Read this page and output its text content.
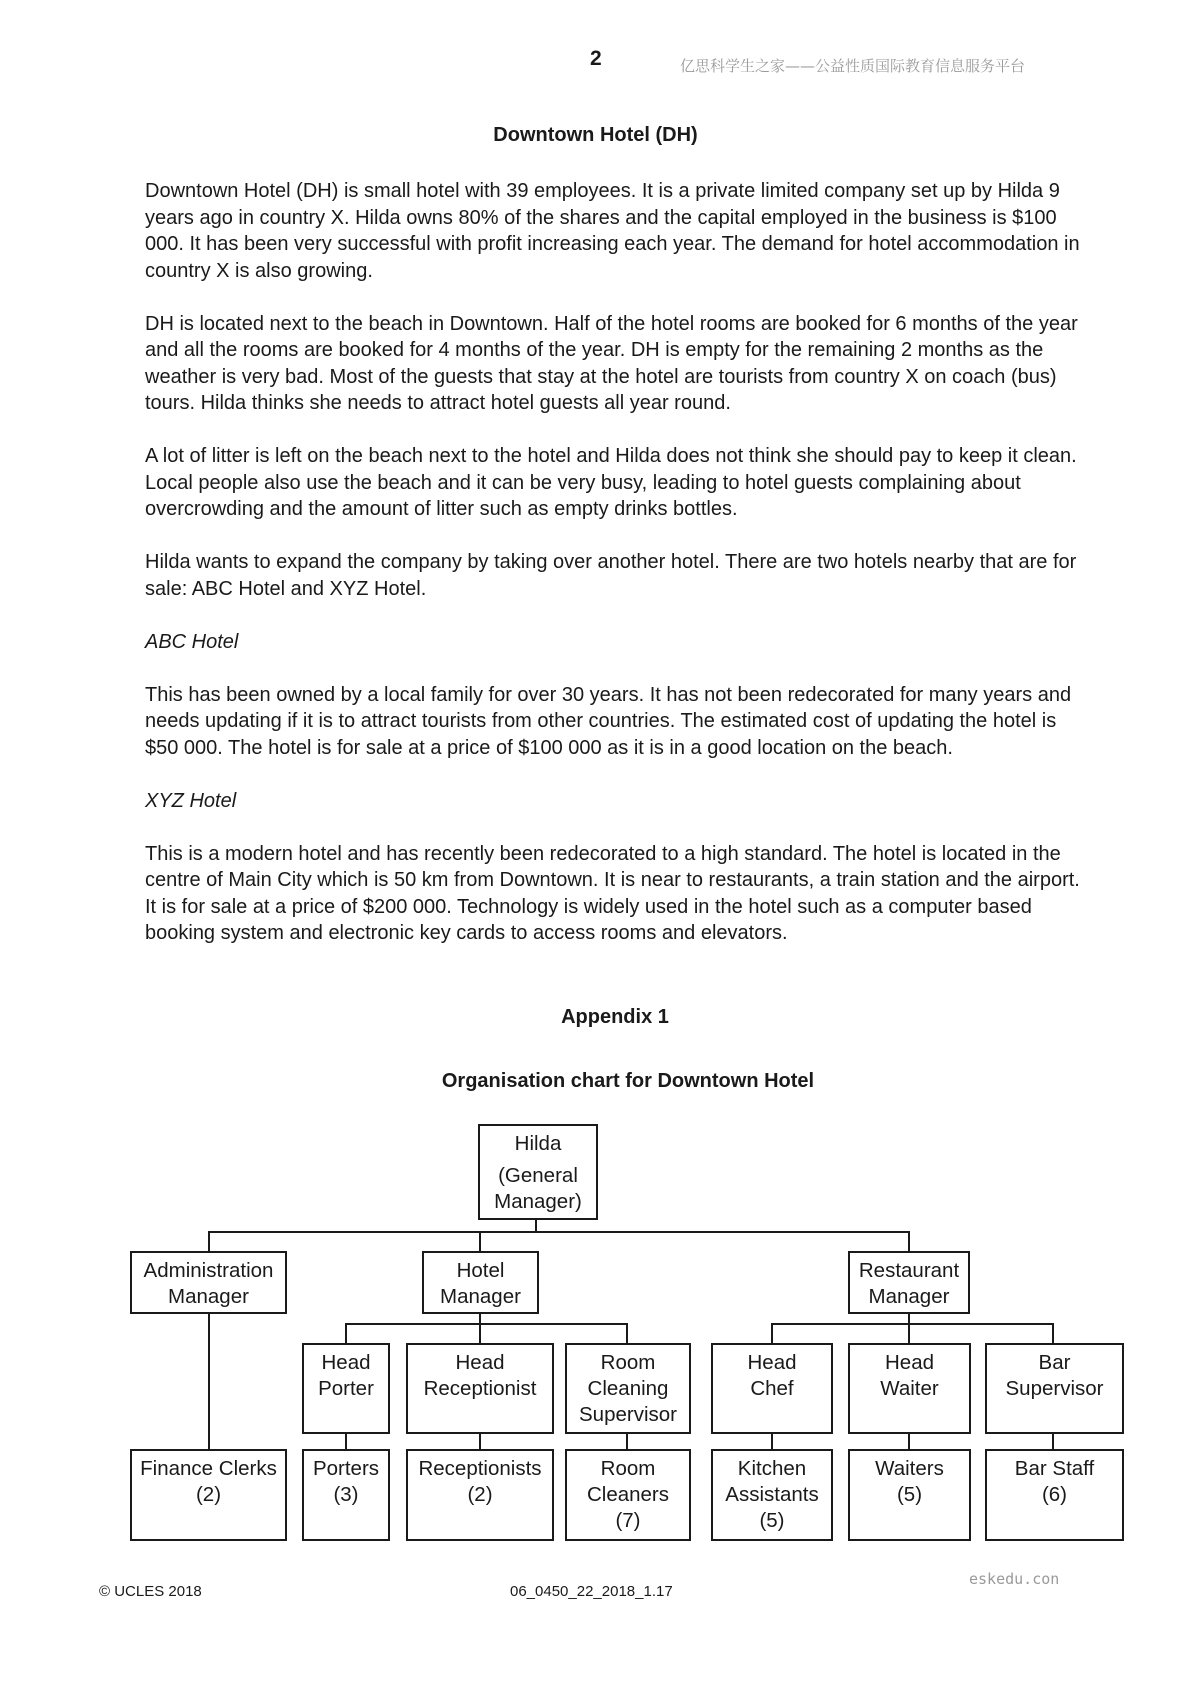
2	亿思科学生之家——公益性质国际教育信息服务平台
Downtown Hotel (DH)

Downtown Hotel (DH) is small hotel with 39 employees. It is a private limited company set up by Hilda 9 years ago in country X. Hilda owns 80% of the shares and the capital employed in the business is $100 000. It has been very successful with profit increasing each year. The demand for hotel accommodation in country X is also growing.

DH is located next to the beach in Downtown. Half of the hotel rooms are booked for 6 months of the year and all the rooms are booked for 4 months of the year. DH is empty for the remaining 2 months as the weather is very bad. Most of the guests that stay at the hotel are tourists from country X on coach (bus) tours. Hilda thinks she needs to attract hotel guests all year round.

A lot of litter is left on the beach next to the hotel and Hilda does not think she should pay to keep it clean. Local people also use the beach and it can be very busy, leading to hotel guests complaining about overcrowding and the amount of litter such as empty drinks bottles.

Hilda wants to expand the company by taking over another hotel. There are two hotels nearby that are for sale: ABC Hotel and XYZ Hotel.

ABC Hotel

This has been owned by a local family for over 30 years. It has not been redecorated for many years and needs updating if it is to attract tourists from other countries. The estimated cost of updating the hotel is $50 000. The hotel is for sale at a price of $100 000 as it is in a good location on the beach.

XYZ Hotel

This is a modern hotel and has recently been redecorated to a high standard. The hotel is located in the centre of Main City which is 50 km from Downtown. It is near to restaurants, a train station and the airport. It is for sale at a price of $200 000. Technology is widely used in the hotel such as a computer based booking system and electronic key cards to access rooms and elevators.

Appendix 1
Organisation chart for Downtown Hotel
Hilda
(General
Manager)
Administration
Manager
Hotel
Manager
Restaurant
Manager
Head
Porter
Head
Receptionist
Room
Cleaning
Supervisor
Head
Chef
Head
Waiter
Bar
Supervisor
Finance Clerks
(2)
Porters
(3)
Receptionists
(2)
Room
Cleaners
(7)
Kitchen
Assistants
(5)
Waiters
(5)
Bar Staff
(6)
© UCLES 2018	06_0450_22_2018_1.17
eskedu.con
